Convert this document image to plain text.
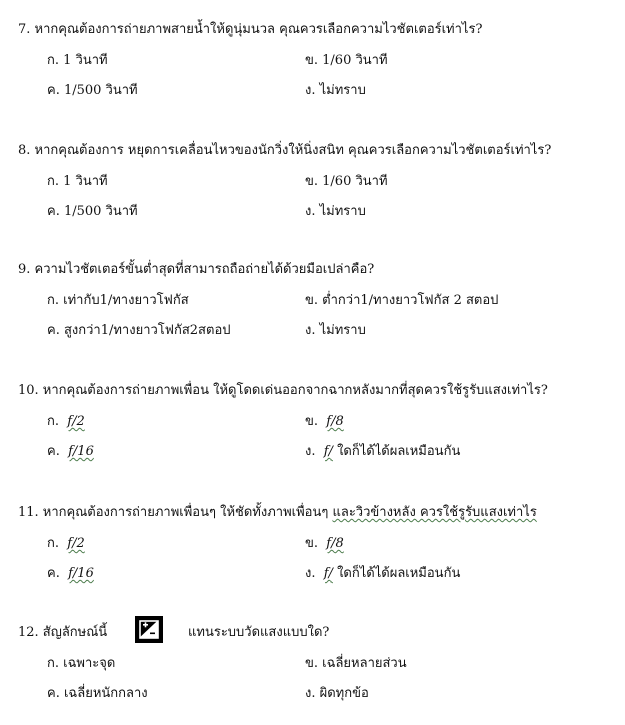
7. หากคุณต้องการถ่ายภาพสายน้ำให้ดูนุ่มนวล คุณควรเลือกความไวชัตเตอร์เท่าไร?
ก. 1 วินาที	ข. 1/60 วินาที
ค. 1/500 วินาที	ง. ไม่ทราบ
8. หากคุณต้องการ หยุดการเคลื่อนไหวของนักวิ่งให้นิ่งสนิท คุณควรเลือกความไวชัตเตอร์เท่าไร?
ก. 1 วินาที	ข. 1/60 วินาที
ค. 1/500 วินาที	ง. ไม่ทราบ
9. ความไวชัตเตอร์ขั้นต่ำสุดที่สามารถถือถ่ายได้ด้วยมือเปล่าคือ?
ก. เท่ากับ1/ทางยาวโฟกัส	ข. ต่ำกว่า1/ทางยาวโฟกัส 2 สตอป
ค. สูงกว่า1/ทางยาวโฟกัส2สตอป	ง. ไม่ทราบ
10. หากคุณต้องการถ่ายภาพเพื่อน ให้ดูโดดเด่นออกจากฉากหลังมากที่สุดควรใช้รูรับแสงเท่าไร?
ก. f/2	ข. f/8
ค. f/16	ง. f/ ใดก็ได้ได้ผลเหมือนกัน
11. หากคุณต้องการถ่ายภาพเพื่อนๆ ให้ชัดทั้งภาพเพื่อนๆ และวิวข้างหลัง ควรใช้รูรับแสงเท่าไร
ก. f/2	ข. f/8
ค. f/16	ง. f/ ใดก็ได้ได้ผลเหมือนกัน
12. สัญลักษณ์นี้	แทนระบบวัดแสงแบบใด?
ก. เฉพาะจุด	ข. เฉลี่ยหลายส่วน
ค. เฉลี่ยหนักกลาง	ง. ผิดทุกข้อ
